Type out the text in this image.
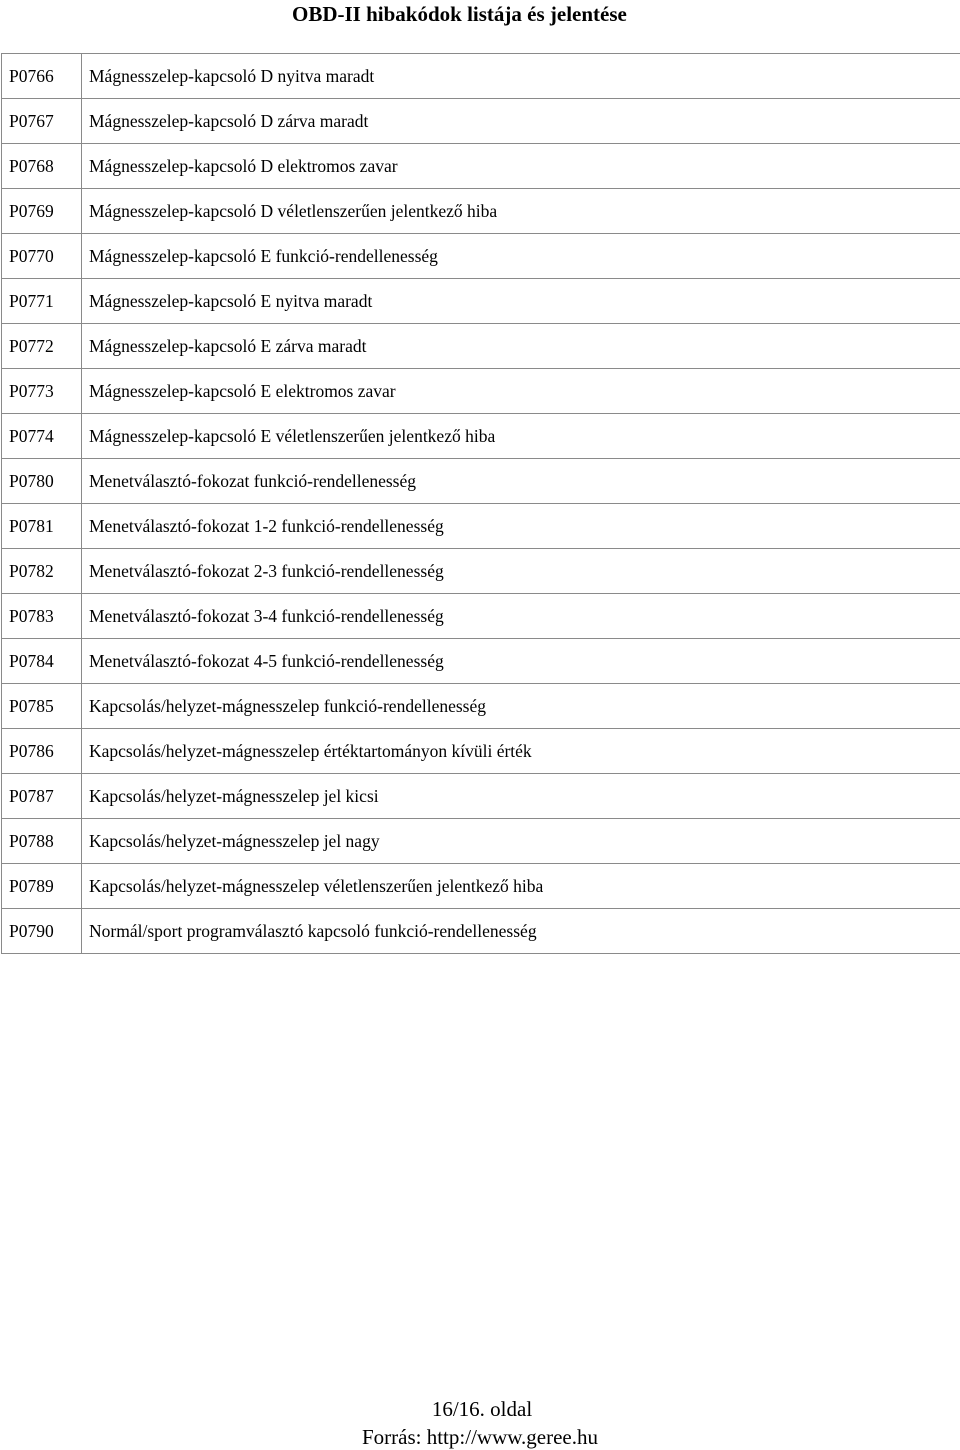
OBD-II hibakódok listája és jelentése
P0766	Mágnesszelep-kapcsoló D nyitva maradt
P0767	Mágnesszelep-kapcsoló D zárva maradt
P0768	Mágnesszelep-kapcsoló D elektromos zavar
P0769	Mágnesszelep-kapcsoló D véletlenszerűen jelentkező hiba
P0770	Mágnesszelep-kapcsoló E funkció-rendellenesség
P0771	Mágnesszelep-kapcsoló E nyitva maradt
P0772	Mágnesszelep-kapcsoló E zárva maradt
P0773	Mágnesszelep-kapcsoló E elektromos zavar
P0774	Mágnesszelep-kapcsoló E véletlenszerűen jelentkező hiba
P0780	Menetválasztó-fokozat funkció-rendellenesség
P0781	Menetválasztó-fokozat 1-2 funkció-rendellenesség
P0782	Menetválasztó-fokozat 2-3 funkció-rendellenesség
P0783	Menetválasztó-fokozat 3-4 funkció-rendellenesség
P0784	Menetválasztó-fokozat 4-5 funkció-rendellenesség
P0785	Kapcsolás/helyzet-mágnesszelep funkció-rendellenesség
P0786	Kapcsolás/helyzet-mágnesszelep értéktartományon kívüli érték
P0787	Kapcsolás/helyzet-mágnesszelep jel kicsi
P0788	Kapcsolás/helyzet-mágnesszelep jel nagy
P0789	Kapcsolás/helyzet-mágnesszelep véletlenszerűen jelentkező hiba
P0790	Normál/sport programválasztó kapcsoló funkció-rendellenesség
16/16. oldal
Forrás: http://www.geree.hu
